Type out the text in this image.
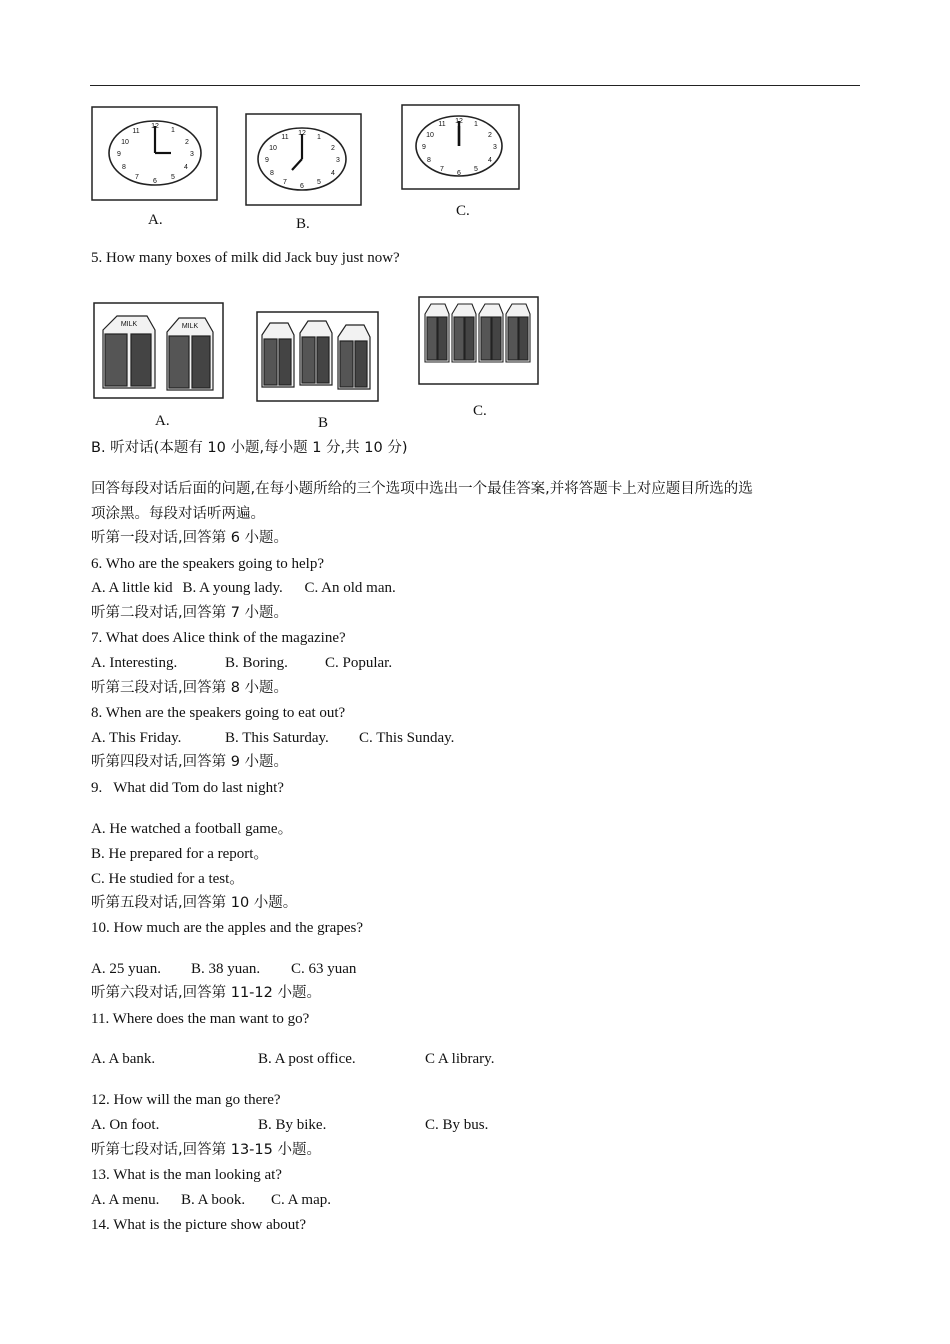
12
1
2
3
4
5
6
7
8
9
10
11
A.
12
1
2
3
4
5
6
7
8
9
10
11
B.
12 1
2
3
4
5
6
7
8
9
10
11
C.
5. How many boxes of milk did Jack buy just now?
MILK	MILK
A.	B
C.
B. 听对话(本题有 10 小题,每小题 1 分,共 10 分)
回答每段对话后面的问题,在每小题所给的三个选项中选出一个最佳答案,并将答题卡上对应题目所选的选
项涂黑。每段对话听两遍。
听第一段对话,回答第 6 小题。
6. Who are the speakers going to help?
A. A little kid B. A young lady. C. An old man.
听第二段对话,回答第 7 小题。
7. What does Alice think of the magazine?
A. Interesting.	B. Boring. C. Popular.
听第三段对话,回答第 8 小题。
8. When are the speakers going to eat out?
A. This Friday.	B. This Saturday. C. This Sunday.
听第四段对话,回答第 9 小题。
9.   What did Tom do last night?
A. He watched a football game。
B. He prepared for a report。
C. He studied for a test。
听第五段对话,回答第 10 小题。
10. How much are the apples and the grapes?
A. 25 yuan. B. 38 yuan. C. 63 yuan
听第六段对话,回答第 11-12 小题。
11. Where does the man want to go?
A. A bank.	B. A post office.	C A library.
12. How will the man go there?
A. On foot.	B. By bike.	C. By bus.
听第七段对话,回答第 13-15 小题。
13. What is the man looking at?
A. A menu. B. A book. C. A map.
14. What is the picture show about?
